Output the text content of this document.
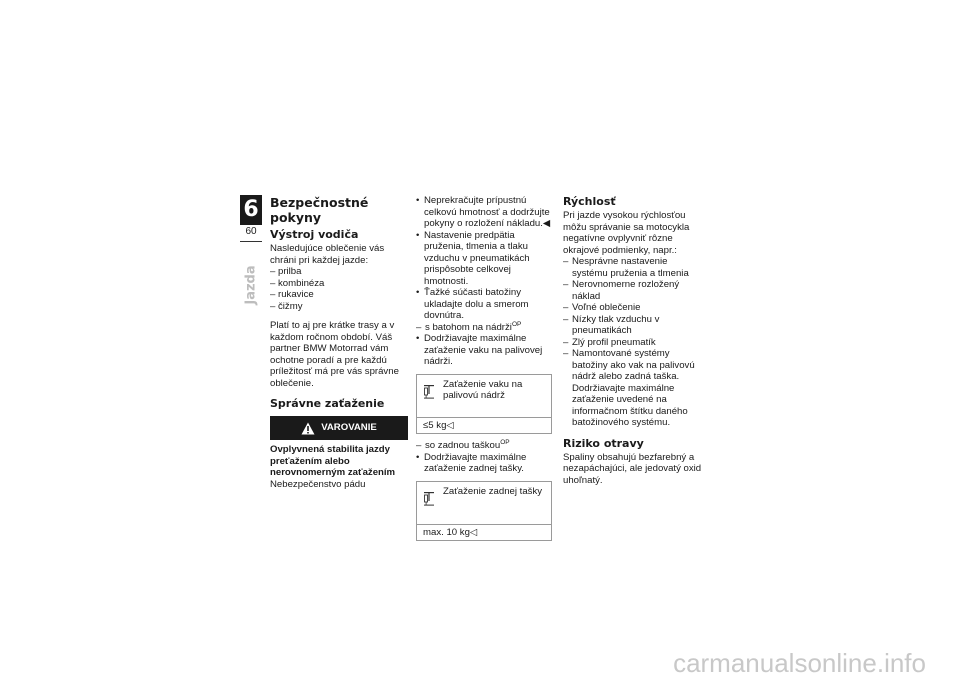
6
60
Jazda
Bezpečnostné pokyny
Výstroj vodiča

Nasledujúce oblečenie vás chráni pri každej jazde:

– prilba
– kombinéza
– rukavice
– čižmy

Platí to aj pre krátke trasy a v každom ročnom období. Váš partner BMW Motorrad vám ochotne poradí a pre každú príležitosť má pre vás správne oblečenie.

Správne zaťaženie
VAROVANIE

Ovplyvnená stabilita jazdy preťažením alebo nerovnomerným zaťažením

Nebezpečenstvo pádu

• Neprekračujte prípustnú celkovú hmotnosť a dodržujte pokyny o rozložení nákladu.◀
• Nastavenie predpätia pruženia, tlmenia a tlaku vzduchu v pneumatikách prispôsobte celkovej hmotnosti.
• Ťažké súčasti batožiny ukladajte dolu a smerom dovnútra.
– s batohom na nádrži$^{OP}$
• Dodržiavajte maximálne zaťaženie vaku na palivovej nádrži.
Zaťaženie vaku na palivovú nádrž
≤5 kg◁
– so zadnou taškou$^{OP}$
• Dodržiavajte maximálne zaťaženie zadnej tašky.
Zaťaženie zadnej tašky
max. 10 kg◁
Rýchlosť

Pri jazde vysokou rýchlosťou môžu správanie sa motocykla negatívne ovplyvniť rôzne okrajové podmienky, napr.:

– Nesprávne nastavenie systému pruženia a tlmenia
– Nerovnomerne rozložený náklad
– Voľné oblečenie
– Nízky tlak vzduchu v pneumatikách
– Zlý profil pneumatík
– Namontované systémy batožiny ako vak na palivovú nádrž alebo zadná taška. Dodržiavajte maximálne zaťaženie uvedené na informačnom štítku daného batožinového systému.
Riziko otravy

Spaliny obsahujú bezfarebný a nezapáchajúci, ale jedovatý oxid uhoľnatý.

carmanualsonline.info
